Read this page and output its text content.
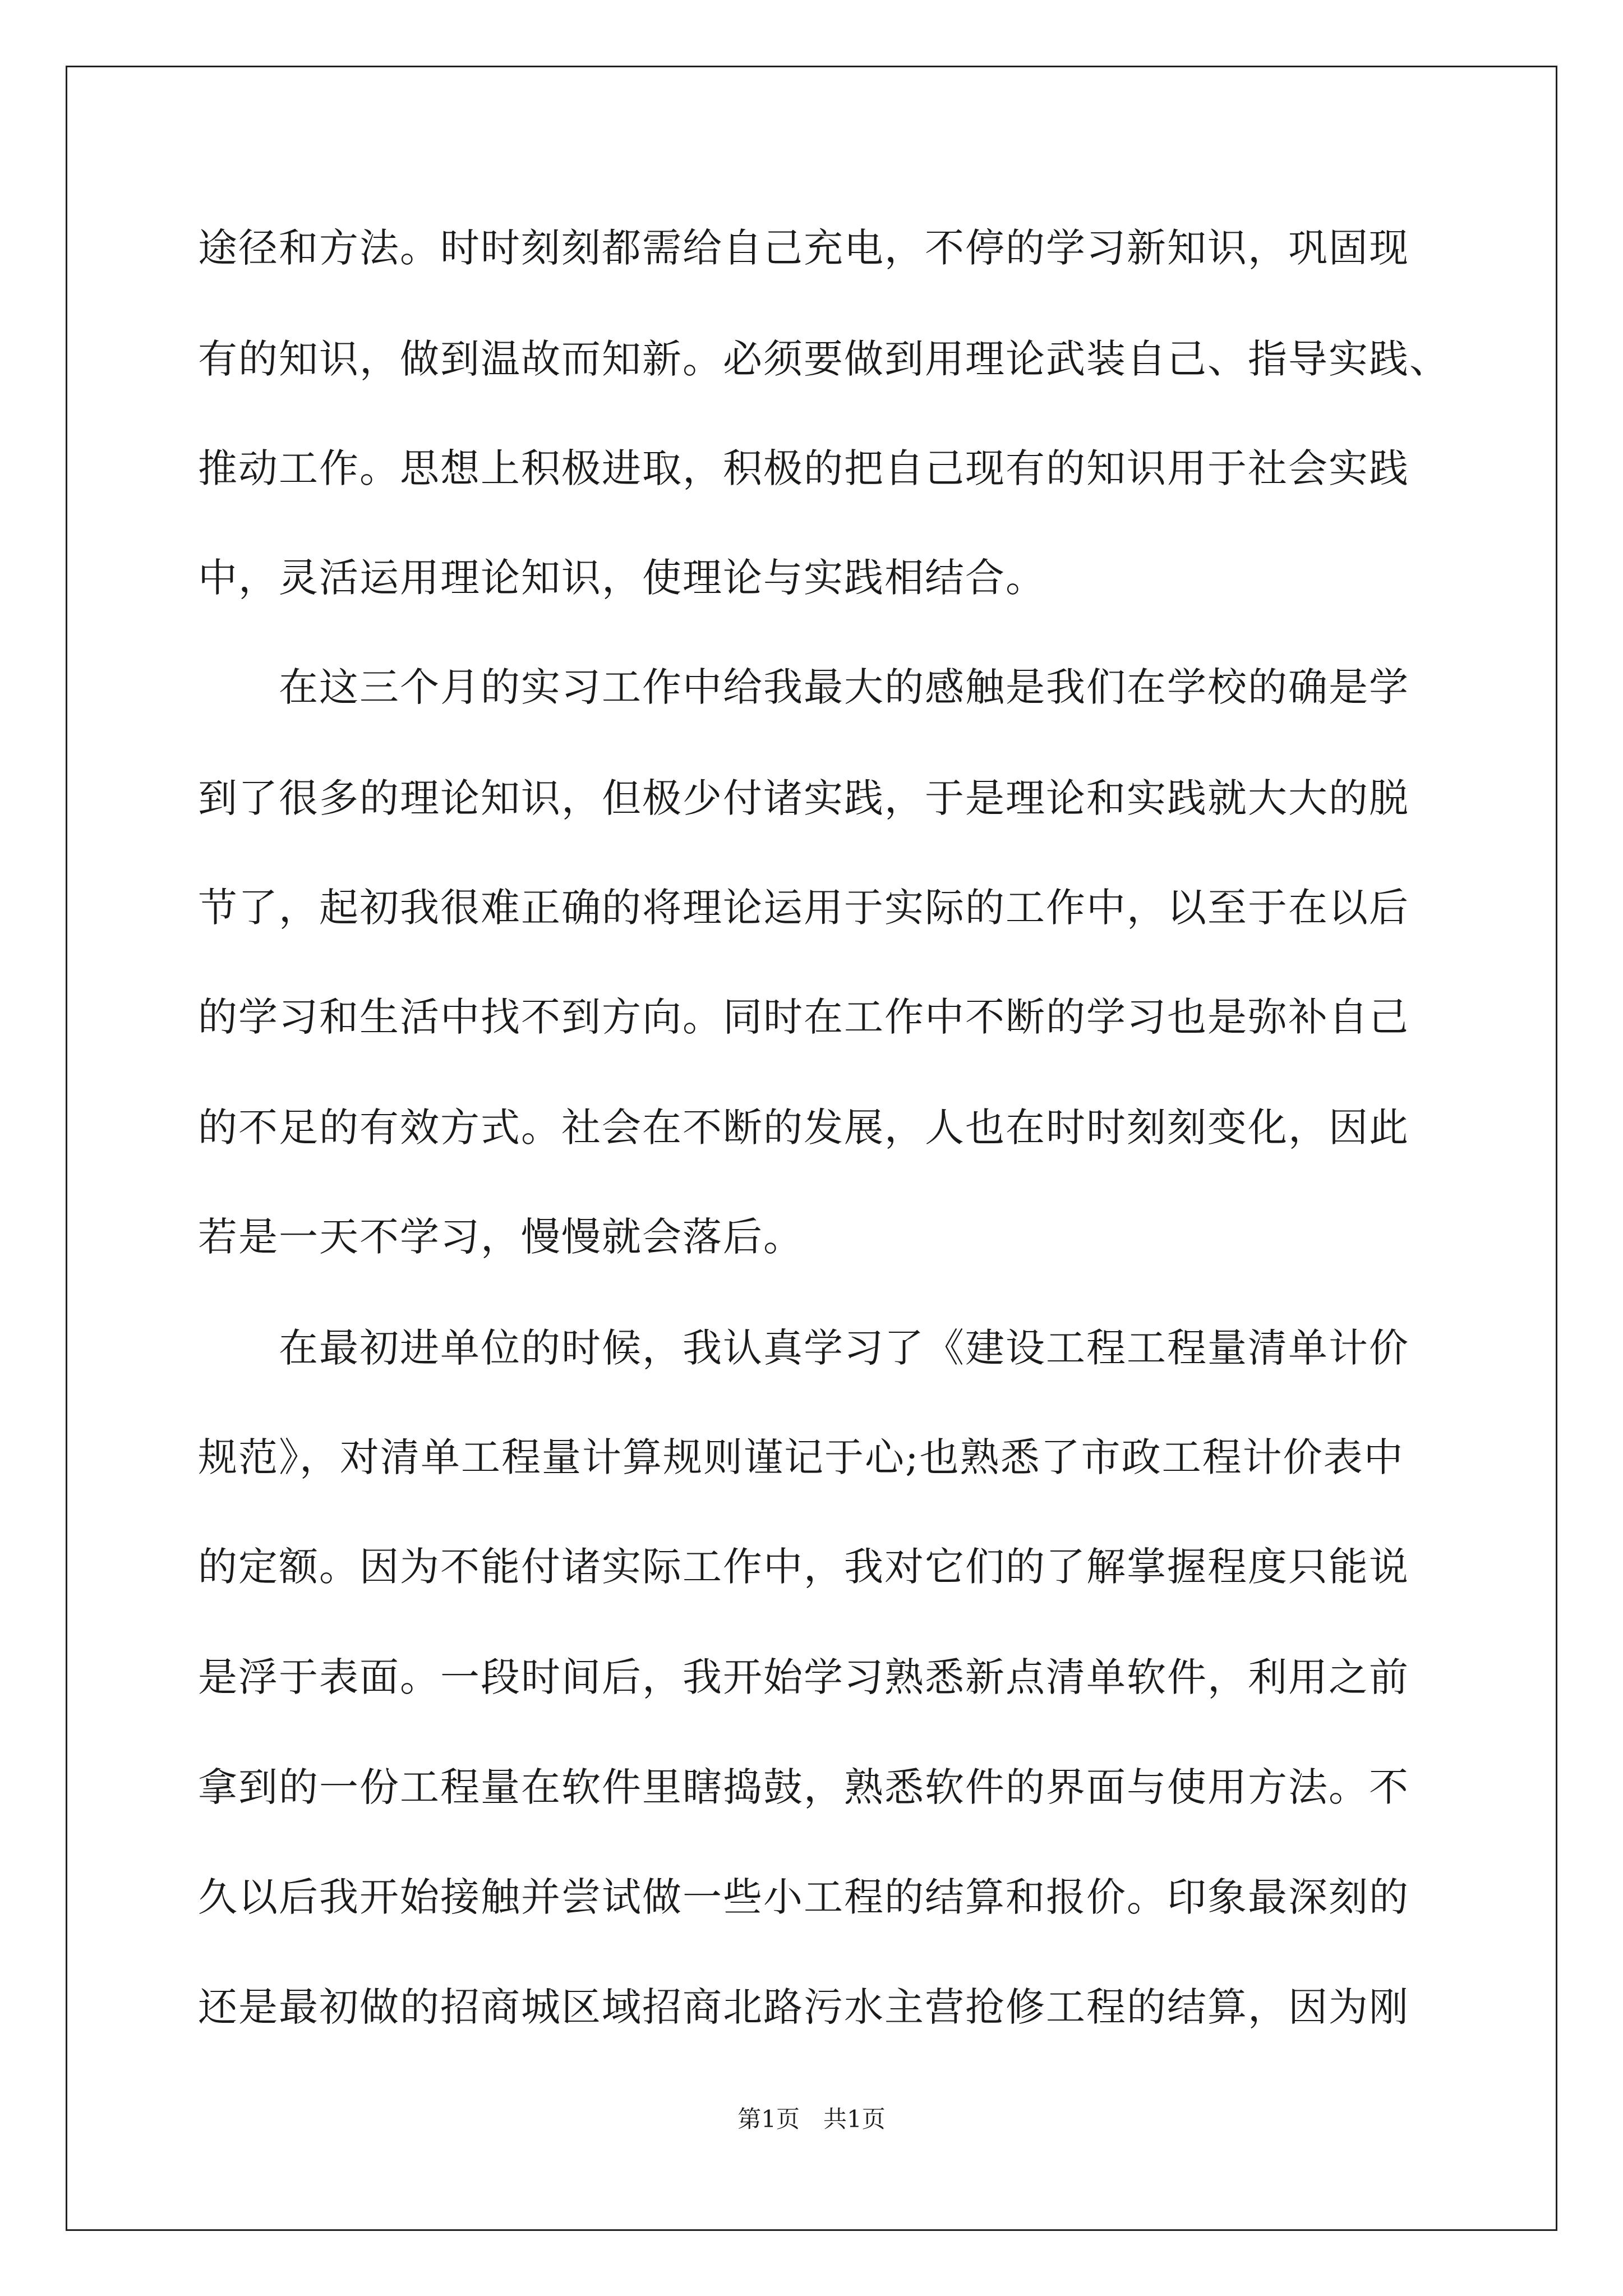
途径和方法。时时刻刻都需给自己充电，不停的学习新知识，巩固现
有的知识，做到温故而知新。必须要做到用理论武装自己、指导实践、
推动工作。思想上积极进取，积极的把自己现有的知识用于社会实践
中，灵活运用理论知识，使理论与实践相结合。
　　在这三个月的实习工作中给我最大的感触是我们在学校的确是学
到了很多的理论知识，但极少付诸实践，于是理论和实践就大大的脱
节了，起初我很难正确的将理论运用于实际的工作中，以至于在以后
的学习和生活中找不到方向。同时在工作中不断的学习也是弥补自己
的不足的有效方式。社会在不断的发展，人也在时时刻刻变化，因此
若是一天不学习，慢慢就会落后。
　　在最初进单位的时候，我认真学习了《建设工程工程量清单计价
规范》，对清单工程量计算规则谨记于心;也熟悉了市政工程计价表中
的定额。因为不能付诸实际工作中，我对它们的了解掌握程度只能说
是浮于表面。一段时间后，我开始学习熟悉新点清单软件，利用之前
拿到的一份工程量在软件里瞎捣鼓，熟悉软件的界面与使用方法。不
久以后我开始接触并尝试做一些小工程的结算和报价。印象最深刻的
还是最初做的招商城区域招商北路污水主营抢修工程的结算，因为刚
第1页　共1页
